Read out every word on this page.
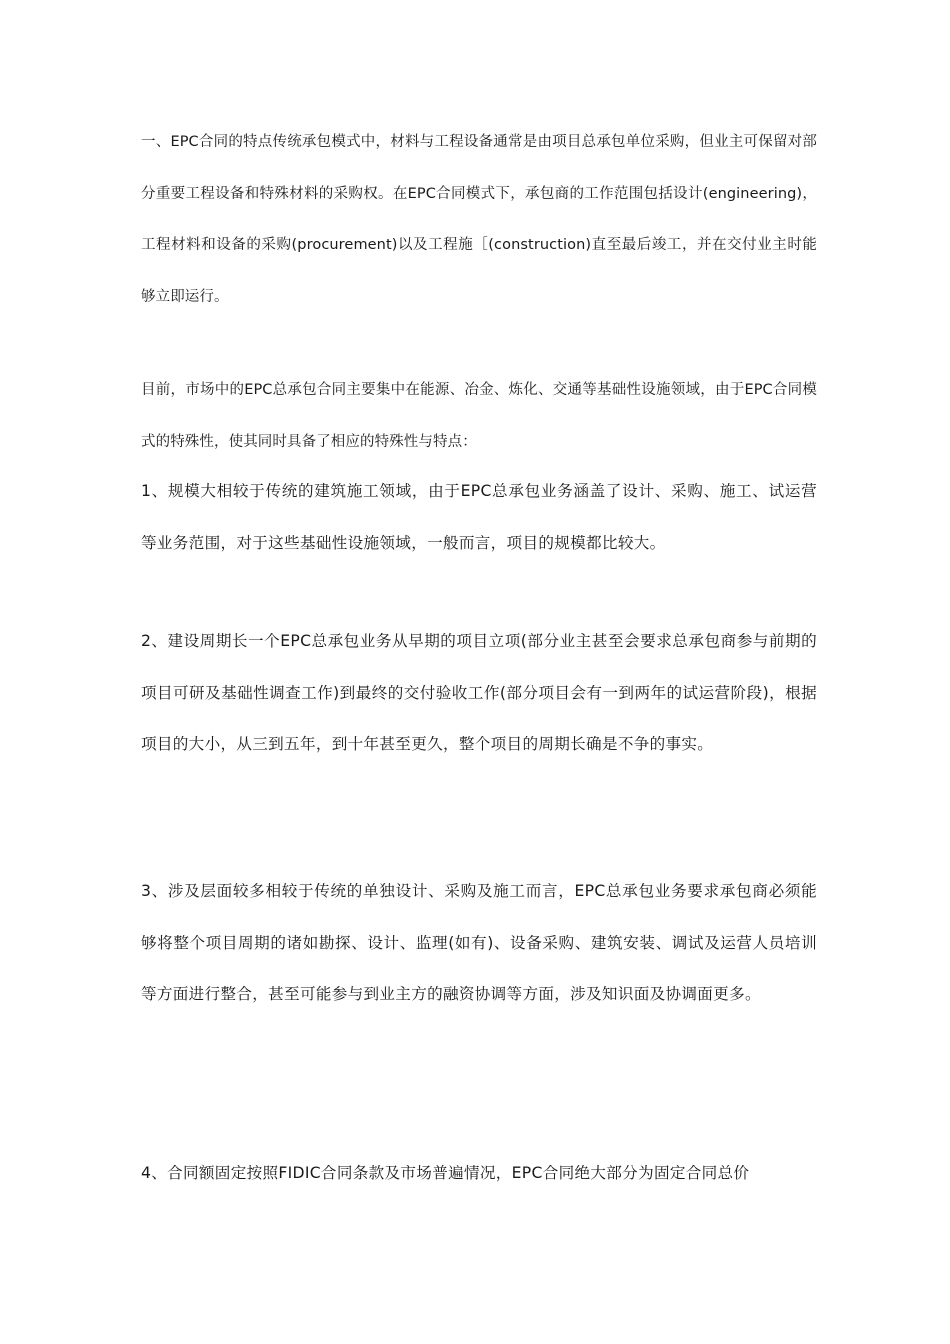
一、EPC合同的特点传统承包模式中，材料与工程设备通常是由项目总承包单位采购，但业主可保留对部分重要工程设备和特殊材料的采购权。在EPC合同模式下，承包商的工作范围包括设计(engineering)，工程材料和设备的采购(procurement)以及工程施［(construction)直至最后竣工，并在交付业主时能够立即运行。

目前，市场中的EPC总承包合同主要集中在能源、冶金、炼化、交通等基础性设施领域，由于EPC合同模式的特殊性，使其同时具备了相应的特殊性与特点：

1、规模大相较于传统的建筑施工领域，由于EPC总承包业务涵盖了设计、采购、施工、试运营等业务范围，对于这些基础性设施领域，一般而言，项目的规模都比较大。

2、建设周期长一个EPC总承包业务从早期的项目立项(部分业主甚至会要求总承包商参与前期的项目可研及基础性调查工作)到最终的交付验收工作(部分项目会有一到两年的试运营阶段)，根据项目的大小，从三到五年，到十年甚至更久，整个项目的周期长确是不争的事实。

3、涉及层面较多相较于传统的单独设计、采购及施工而言，EPC总承包业务要求承包商必须能够将整个项目周期的诸如勘探、设计、监理(如有)、设备采购、建筑安装、调试及运营人员培训等方面进行整合，甚至可能参与到业主方的融资协调等方面，涉及知识面及协调面更多。

4、合同额固定按照FIDIC合同条款及市场普遍情况，EPC合同绝大部分为固定合同总价
